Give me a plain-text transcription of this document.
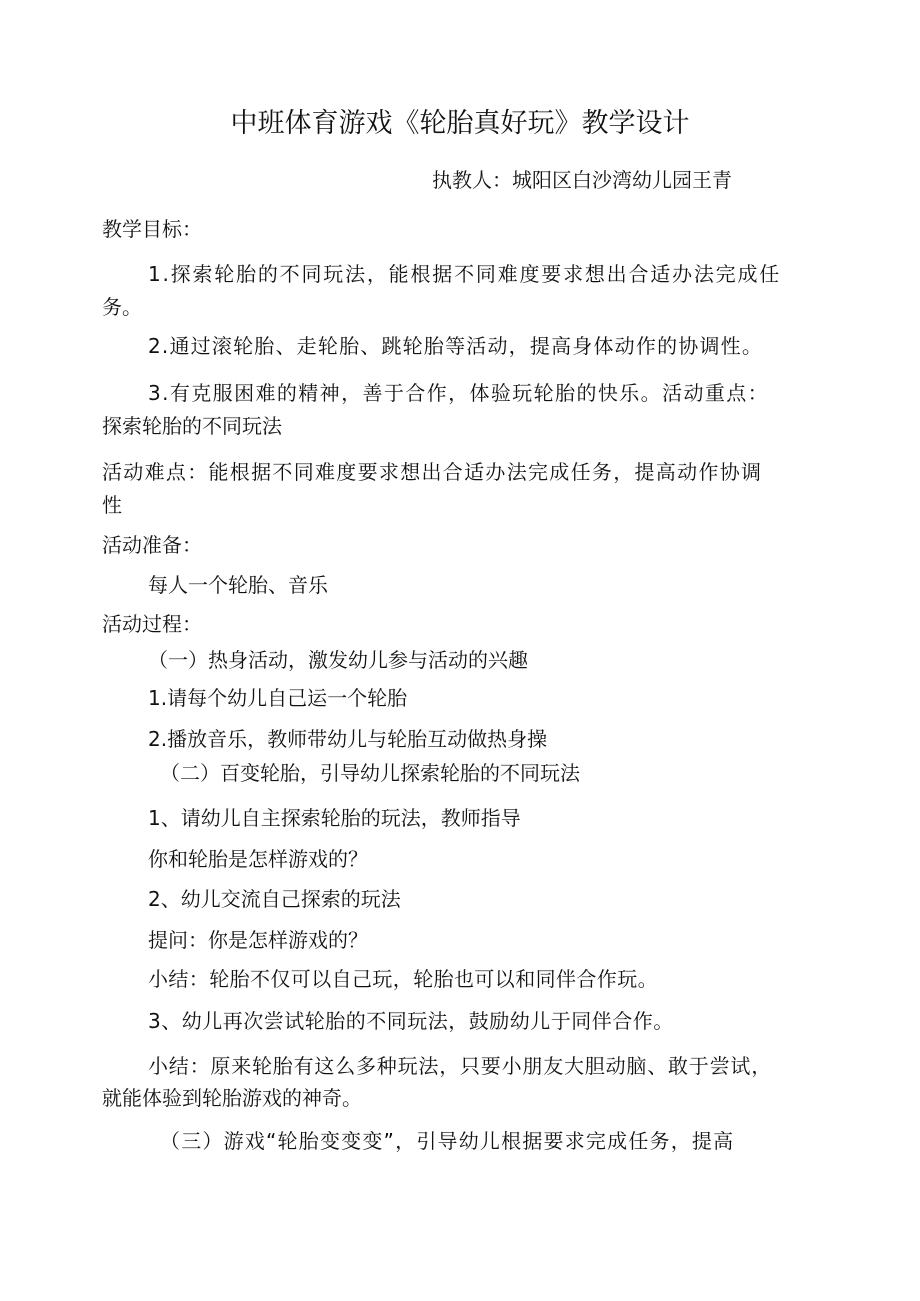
中班体育游戏《轮胎真好玩》教学设计
执教人：城阳区白沙湾幼儿园王青
教学目标：
1.探索轮胎的不同玩法，能根据不同难度要求想出合适办法完成任
务。
2.通过滚轮胎、走轮胎、跳轮胎等活动，提高身体动作的协调性。
3.有克服困难的精神，善于合作，体验玩轮胎的快乐。活动重点：
探索轮胎的不同玩法
活动难点：能根据不同难度要求想出合适办法完成任务，提高动作协调
性
活动准备：
每人一个轮胎、音乐
活动过程：
（一）热身活动，激发幼儿参与活动的兴趣
1.请每个幼儿自己运一个轮胎
2.播放音乐，教师带幼儿与轮胎互动做热身操
（二）百变轮胎，引导幼儿探索轮胎的不同玩法
1、请幼儿自主探索轮胎的玩法，教师指导
你和轮胎是怎样游戏的？
2、幼儿交流自己探索的玩法
提问：你是怎样游戏的？
小结：轮胎不仅可以自己玩，轮胎也可以和同伴合作玩。
3、幼儿再次尝试轮胎的不同玩法，鼓励幼儿于同伴合作。
小结：原来轮胎有这么多种玩法，只要小朋友大胆动脑、敢于尝试，
就能体验到轮胎游戏的神奇。
（三）游戏“轮胎变变变”，引导幼儿根据要求完成任务，提高
